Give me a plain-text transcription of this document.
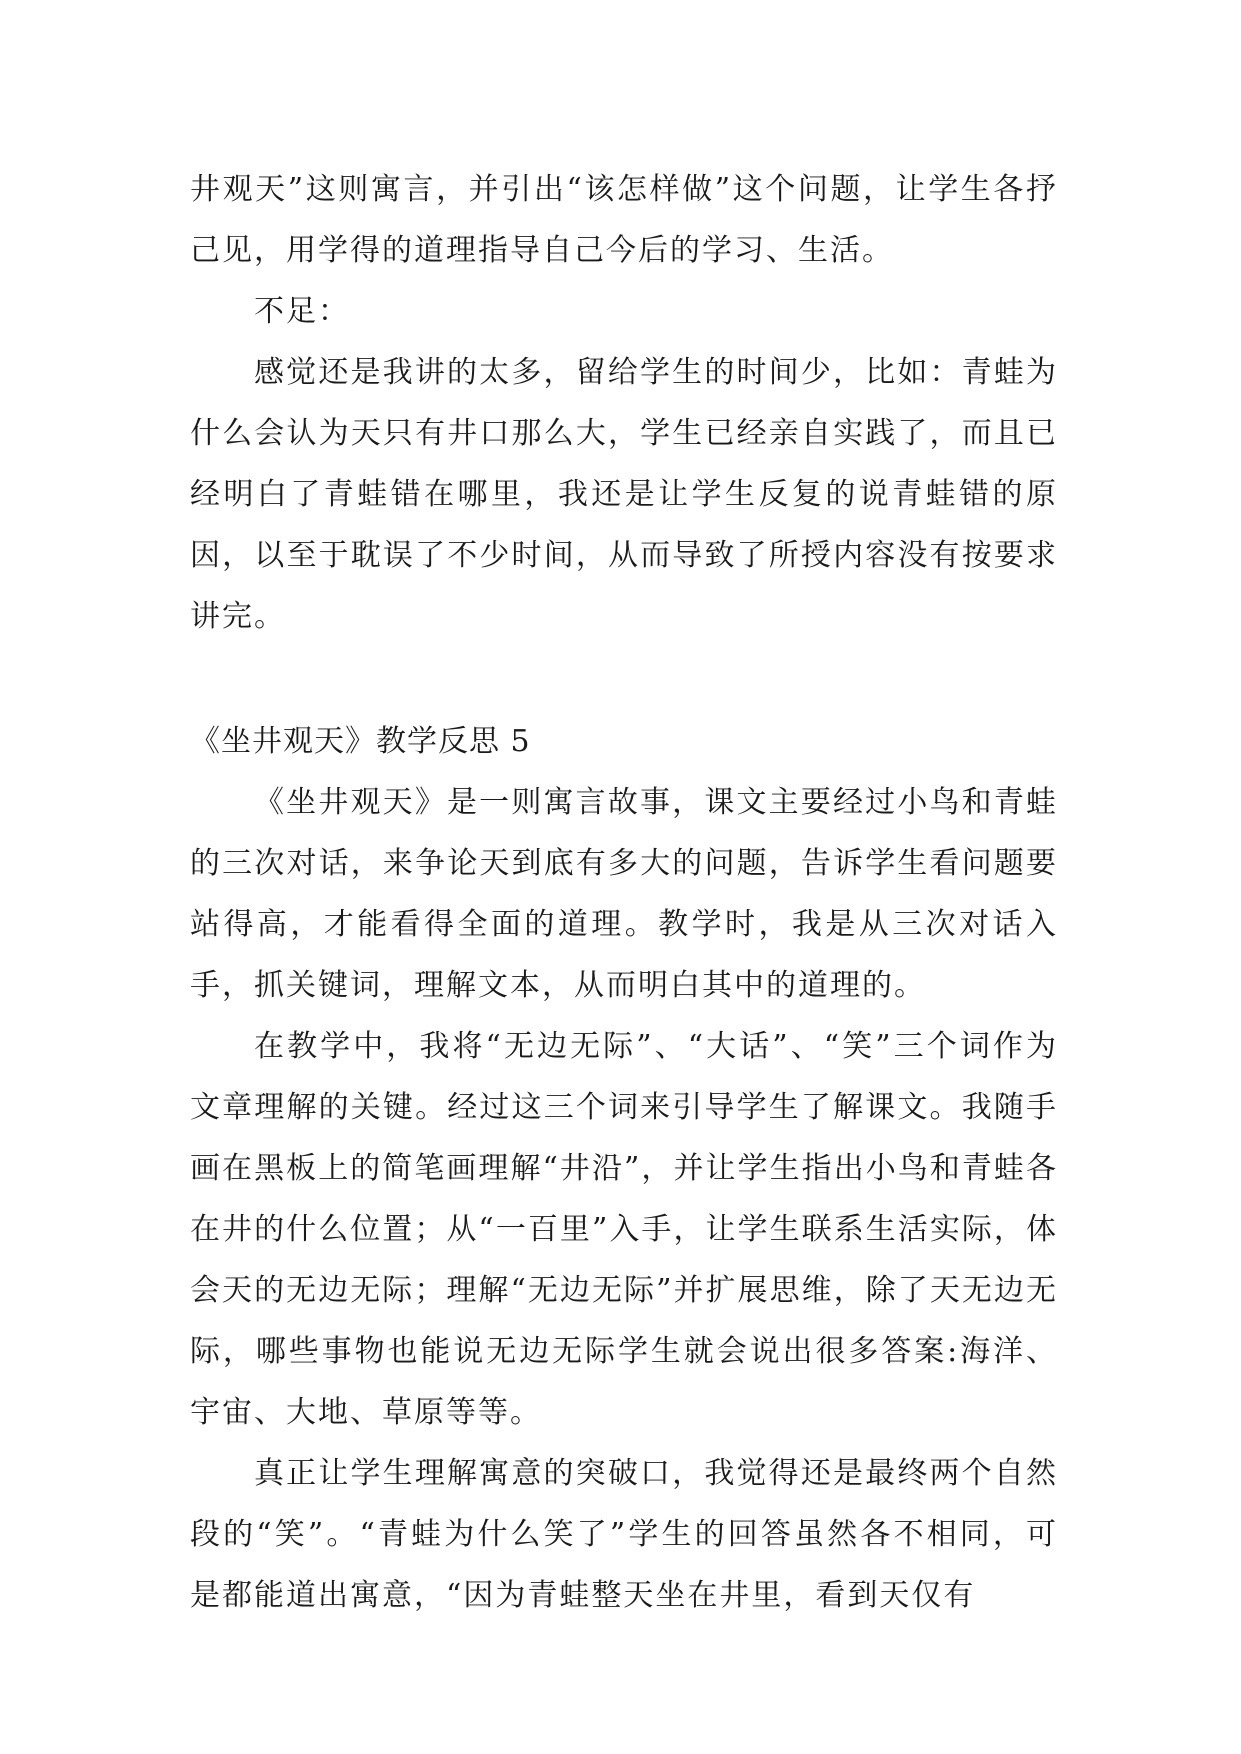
井观天”这则寓言，并引出“该怎样做”这个问题，让学生各抒己见，用学得的道理指导自己今后的学习、生活。

不足：

感觉还是我讲的太多，留给学生的时间少，比如：青蛙为什么会认为天只有井口那么大，学生已经亲自实践了，而且已经明白了青蛙错在哪里，我还是让学生反复的说青蛙错的原因，以至于耽误了不少时间，从而导致了所授内容没有按要求讲完。

《坐井观天》教学反思 5

《坐井观天》是一则寓言故事，课文主要经过小鸟和青蛙的三次对话，来争论天到底有多大的问题，告诉学生看问题要站得高，才能看得全面的道理。教学时，我是从三次对话入手，抓关键词，理解文本，从而明白其中的道理的。

在教学中，我将“无边无际”、“大话”、“笑”三个词作为文章理解的关键。经过这三个词来引导学生了解课文。我随手画在黑板上的简笔画理解“井沿”，并让学生指出小鸟和青蛙各在井的什么位置；从“一百里”入手，让学生联系生活实际，体会天的无边无际；理解“无边无际”并扩展思维，除了天无边无际，哪些事物也能说无边无际学生就会说出很多答案:海洋、宇宙、大地、草原等等。

真正让学生理解寓意的突破口，我觉得还是最终两个自然段的“笑”。“青蛙为什么笑了”学生的回答虽然各不相同，可是都能道出寓意，“因为青蛙整天坐在井里，看到天仅有
